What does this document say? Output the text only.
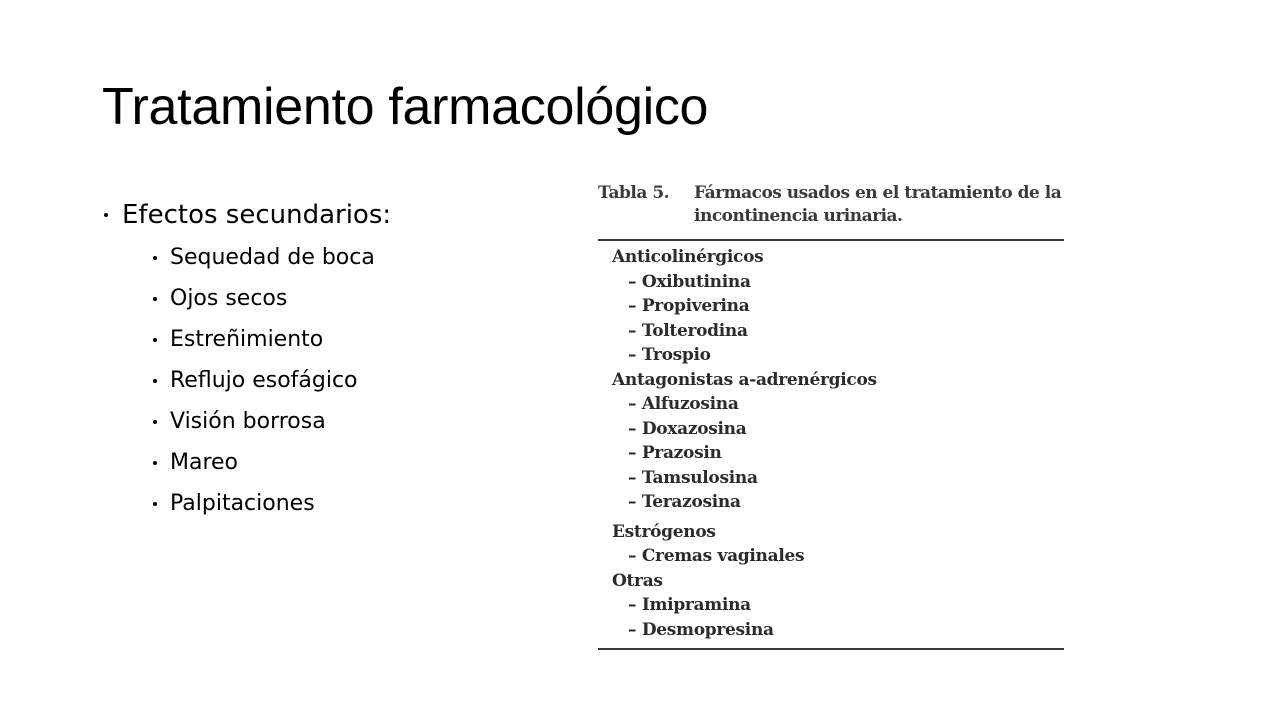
Tratamiento farmacológico
Efectos secundarios:
Sequedad de boca
Ojos secos
Estreñimiento
Reflujo esofágico
Visión borrosa
Mareo
Palpitaciones
Tabla 5.	Fármacos usados en el tratamiento de la incontinencia urinaria.
Anticolinérgicos
– Oxibutinina
– Propiverina
– Tolterodina
– Trospio
Antagonistas a-adrenérgicos
– Alfuzosina
– Doxazosina
– Prazosin
– Tamsulosina
– Terazosina
Estrógenos
– Cremas vaginales
Otras
– Imipramina
– Desmopresina
